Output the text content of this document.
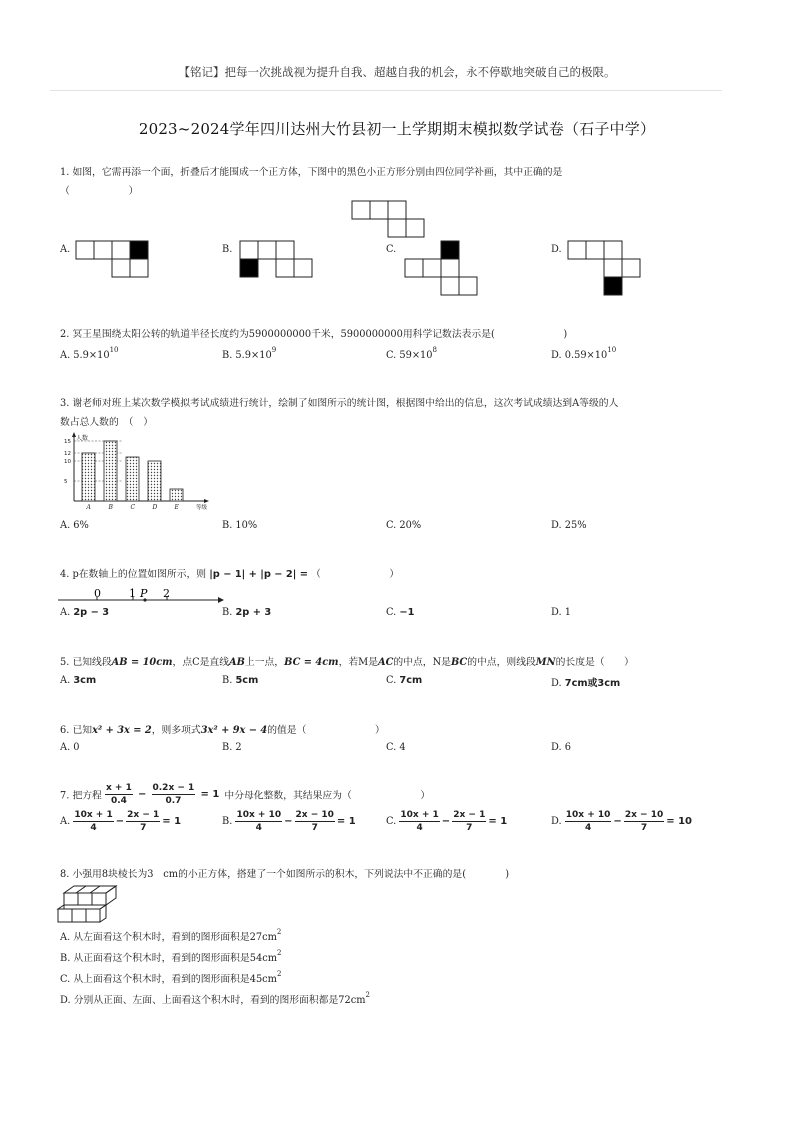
【铭记】把每一次挑战视为提升自我、超越自我的机会，永不停歇地突破自己的极限。
2023~2024学年四川达州大竹县初一上学期期末模拟数学试卷（石子中学）
1. 如图，它需再添一个面，折叠后才能围成一个正方体，下图中的黑色小正方形分别由四位同学补画，其中正确的是
（　　　　　　）
A.	B.	C.	D.
2. 冥王星围绕太阳公转的轨道半径长度约为5900000000千米，5900000000用科学记数法表示是(　　　　　　　)
A. $5.9\times 10^{10}$	B. $5.9\times 10^9$	C. $59\times 10^8$	D. $0.59\times 10^{10}$
3. 谢老师对班上某次数学模拟考试成绩进行统计，绘制了如图所示的统计图，根据图中给出的信息，这次考试成绩达到A等级的人
数占总人数的　（　）
人数
15
12
10
5
A	B	C	D	E	等级
A. 6%	B. 10%	C. 20%	D. 25%
4. p在数轴上的位置如图所示，则 |p − 1| + |p − 2| = （　　　　　　　）
0	1 P 2
A. 2p − 3	B. 2p + 3	C. −1	D. 1
5. 已知线段AB = 10cm，点C是直线AB上一点，BC = 4cm，若M是AC的中点，N是BC的中点，则线段MN的长度是（　　）
A. 3cm	B. 5cm	C. 7cm	D. 7cm或3cm
6. 已知x² + 3x = 2，则多项式3x² + 9x − 4的值是（　　　　　　　）
A. 0	B. 2	C. 4	D. 6
7. 把方程 $\frac{x + 1}{0.4} - \frac{0.2x - 1}{0.7} = 1$ 中分母化整数，其结果应为（　　　　　　　）
A. $\frac{10x + 1}{4} - \frac{2x - 1}{7} = 1$	B. $\frac{10x + 10}{4} - \frac{2x - 10}{7} = 1$	C. $\frac{10x + 1}{4} - \frac{2x - 1}{7} = 1$	D. $\frac{10x + 10}{4} - \frac{2x - 10}{7} = 10$
8. 小强用8块棱长为3　cm的小正方体，搭建了一个如图所示的积木，下列说法中不正确的是(　　　　)
A. 从左面看这个积木时，看到的图形面积是$27cm^2$
B. 从正面看这个积木时，看到的图形面积是$54cm^2$
C. 从上面看这个积木时，看到的图形面积是$45cm^2$
D. 分别从正面、左面、上面看这个积木时，看到的图形面积都是$72cm^2$
